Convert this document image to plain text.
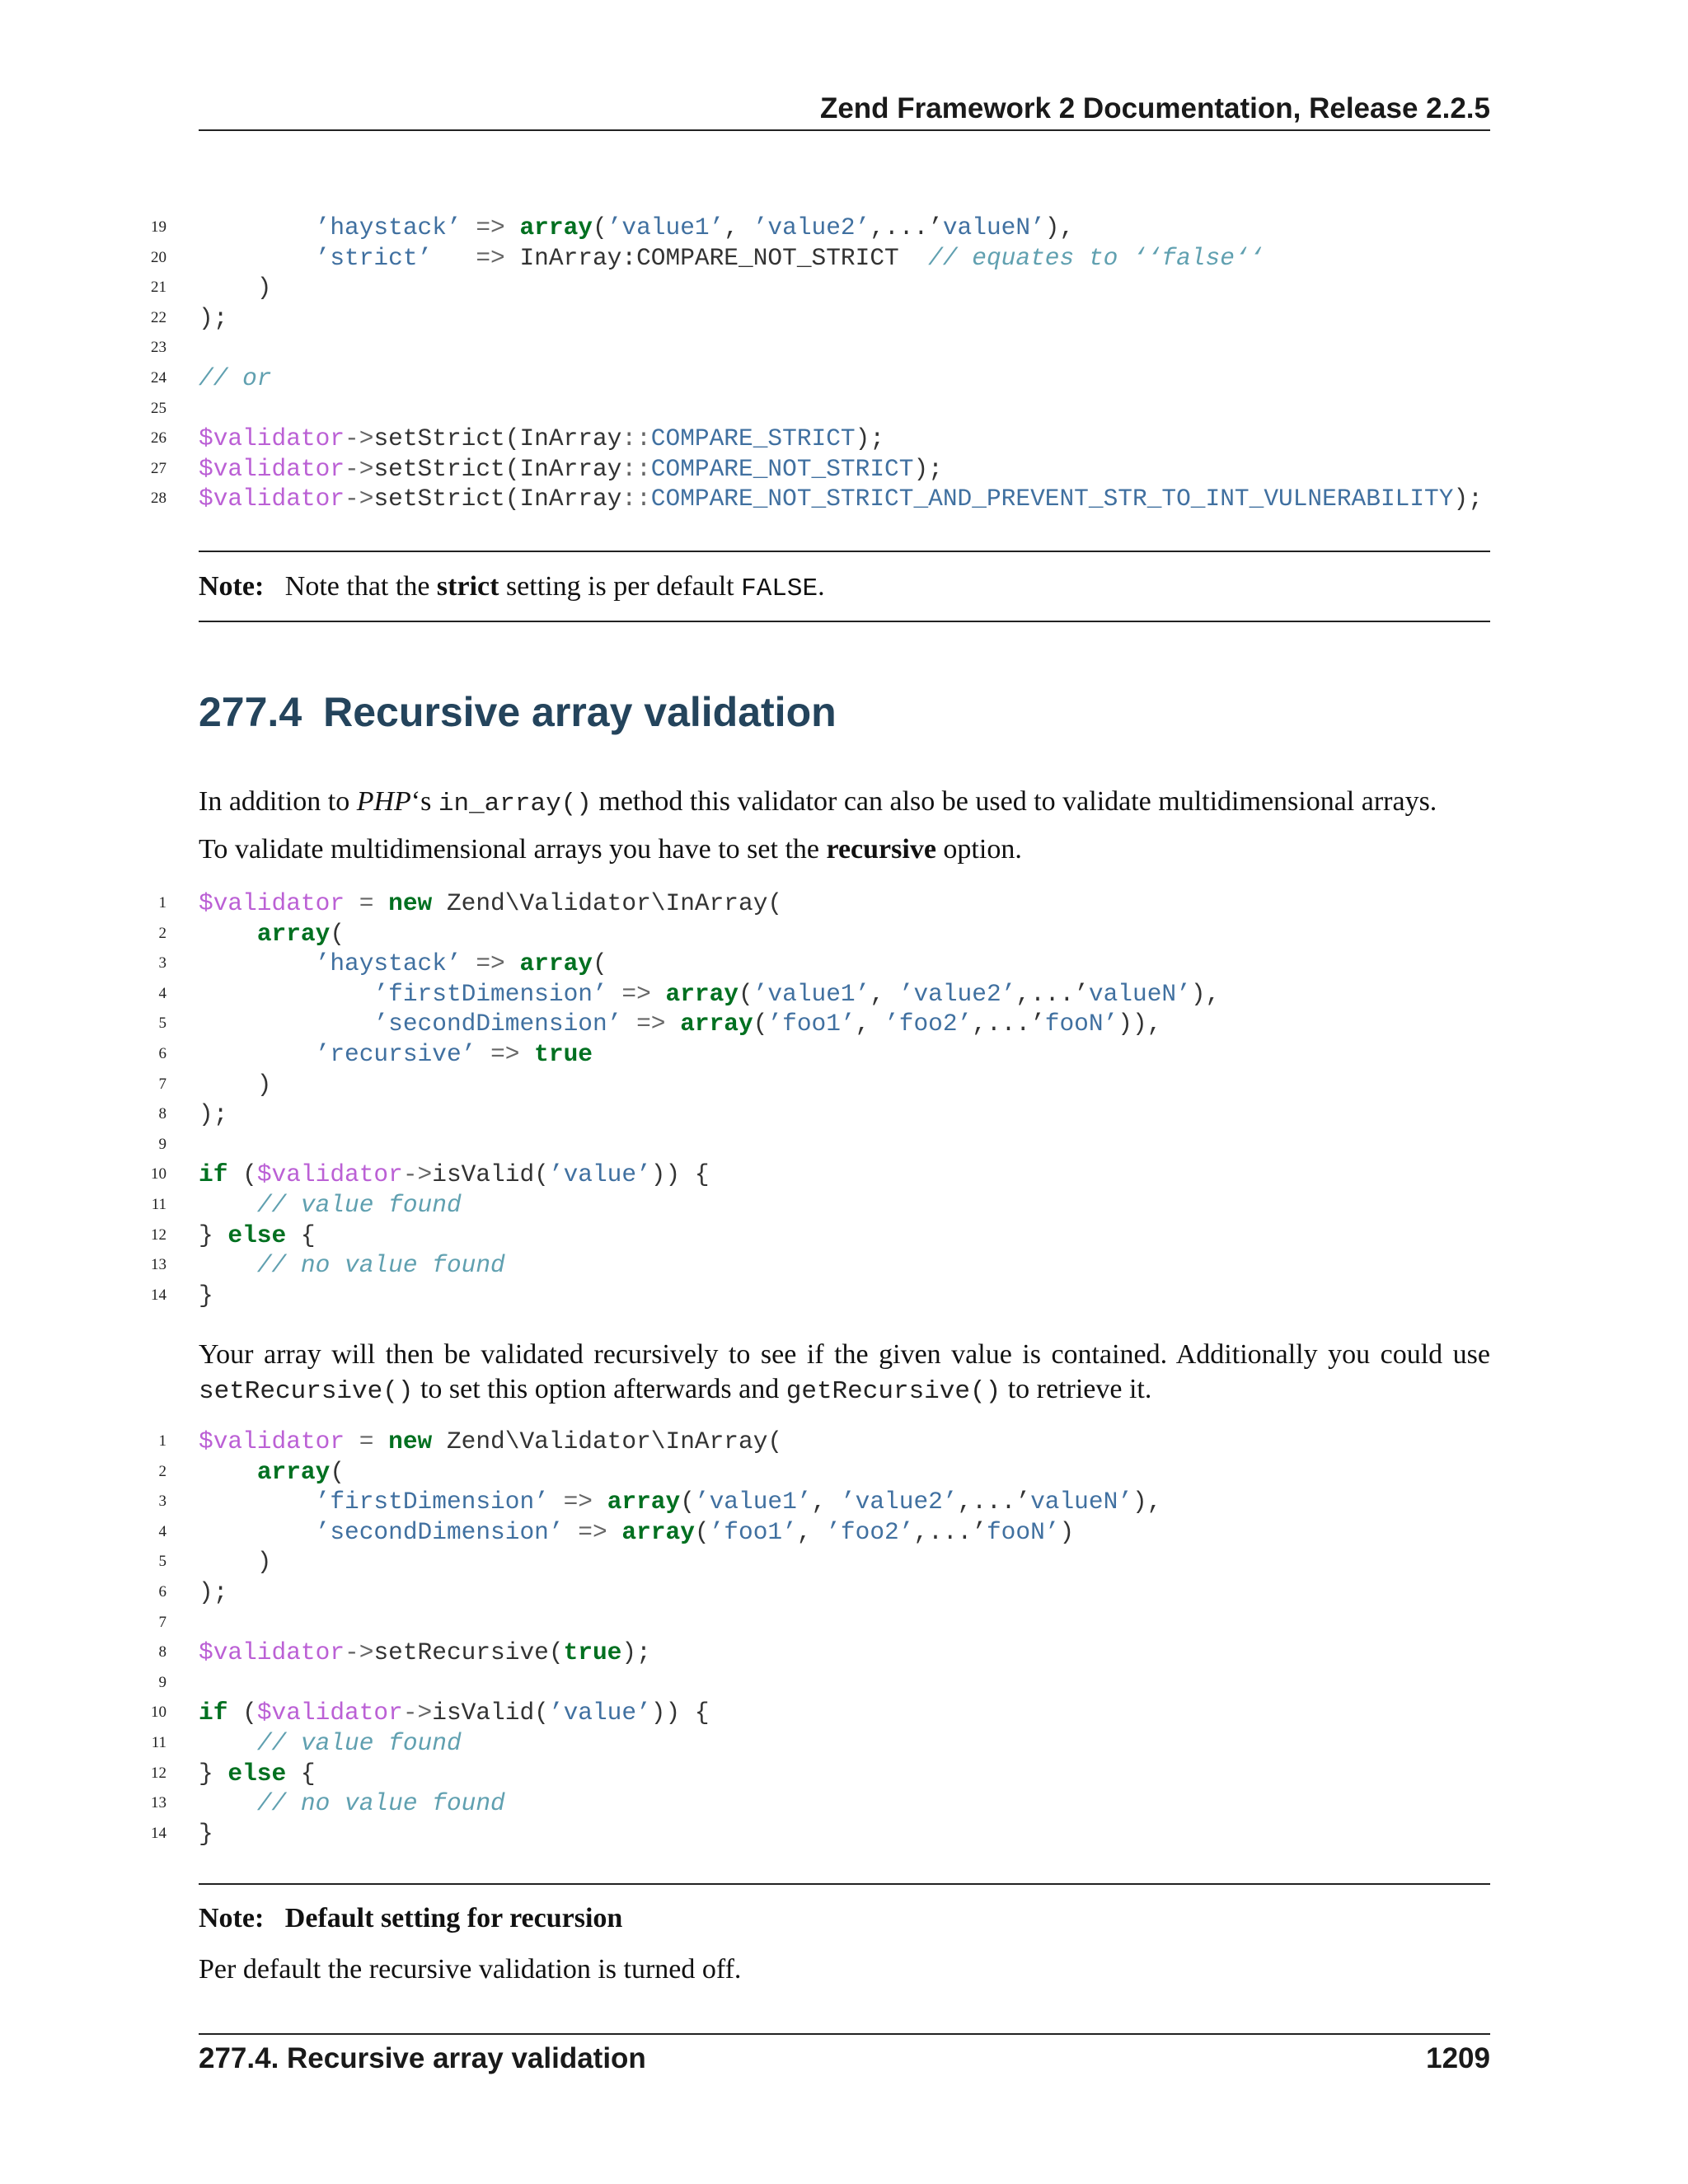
Zend Framework 2 Documentation, Release 2.2.5
19	’haystack’ => array(’value1’, ’value2’,...’valueN’),
20	’strict’ => InArray:COMPARE_NOT_STRICT  // equates to ‘‘false‘‘
21 )
22 );
23
24 // or
25
26 $validator->setStrict(InArray::COMPARE_STRICT);
27 $validator->setStrict(InArray::COMPARE_NOT_STRICT);
28 $validator->setStrict(InArray::COMPARE_NOT_STRICT_AND_PREVENT_STR_TO_INT_VULNERABILITY);
Note: Note that the strict setting is per default FALSE.
277.4 Recursive array validation
In addition to PHP‘s in_array() method this validator can also be used to validate multidimensional arrays.
To validate multidimensional arrays you have to set the recursive option.
1 $validator = new Zend\Validator\InArray(
2	array(
3	’haystack’ => array(
4	’firstDimension’ => array(’value1’, ’value2’,...’valueN’),
5	’secondDimension’ => array(’foo1’, ’foo2’,...’fooN’)),
6	’recursive’ => true
7 )
8 );
9
10 if ($validator->isValid(’value’)) {
11	// value found
12 } else {
13	// no value found
14 }
Your array will then be validated recursively to see if the given value is contained. Additionally you could use setRecursive() to set this option afterwards and getRecursive() to retrieve it.
1 $validator = new Zend\Validator\InArray(
2	array(
3	’firstDimension’ => array(’value1’, ’value2’,...’valueN’),
4	’secondDimension’ => array(’foo1’, ’foo2’,...’fooN’)
5 )
6 );
7
8 $validator->setRecursive(true);
9
10 if ($validator->isValid(’value’)) {
11	// value found
12 } else {
13	// no value found
14 }
Note: Default setting for recursion
Per default the recursive validation is turned off.
277.4. Recursive array validation	1209
